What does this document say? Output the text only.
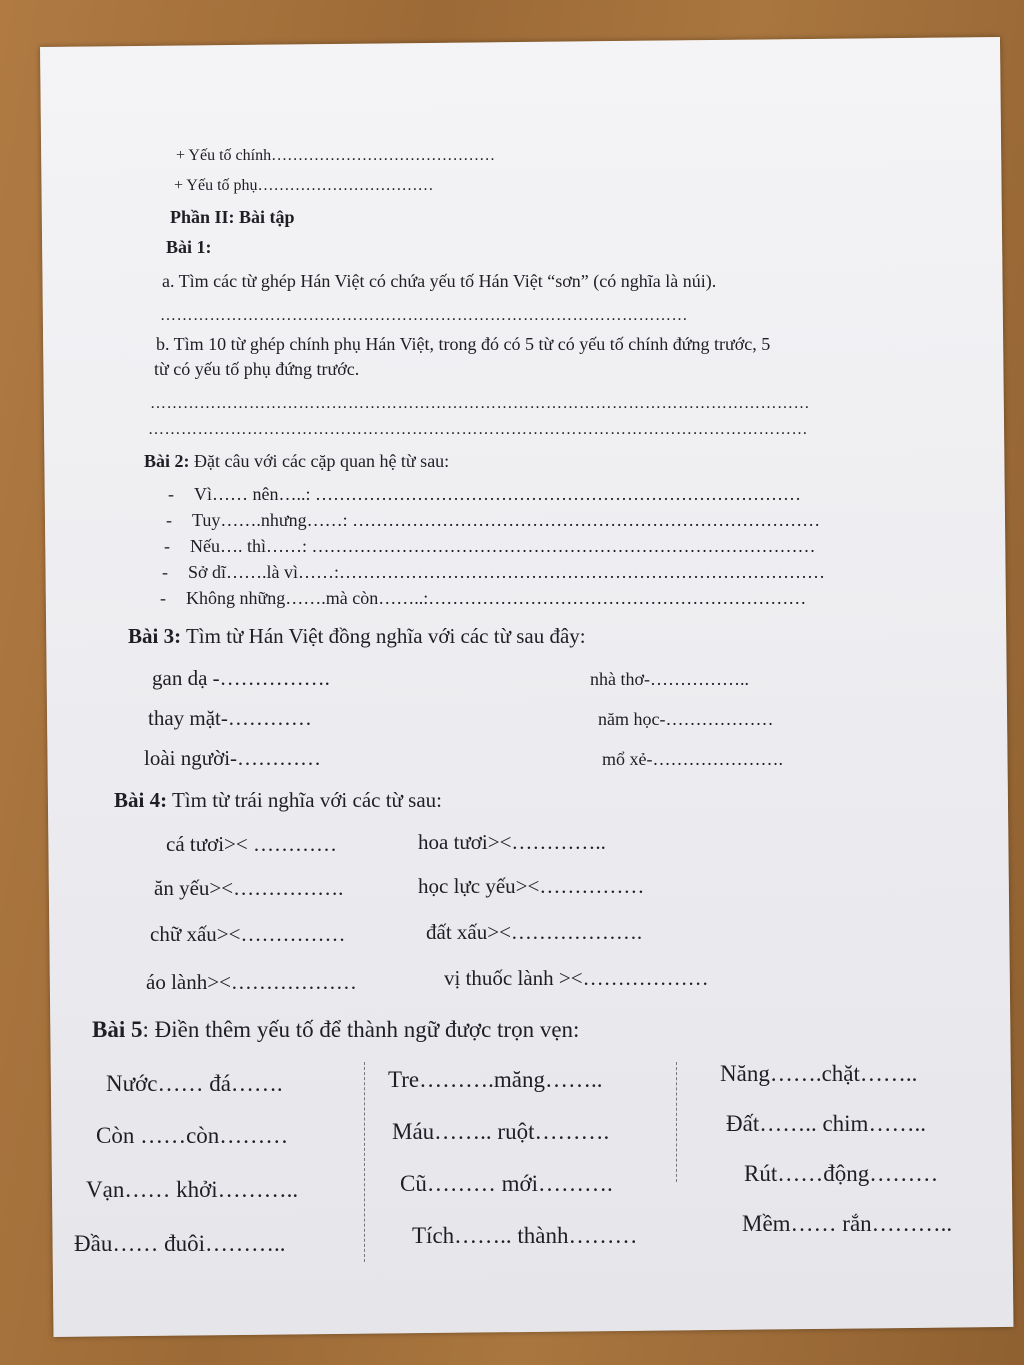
+ Yếu tố chính……………………………………
+ Yếu tố phụ……………………………
Phần II: Bài tập
Bài 1:
a. Tìm các từ ghép Hán Việt có chứa yếu tố Hán Việt “sơn” (có nghĩa là núi).
……………………………………………………………………………………
b. Tìm 10 từ ghép chính phụ Hán Việt, trong đó có 5 từ có yếu tố chính đứng trước, 5
từ có yếu tố phụ đứng trước.
…………………………………………………………………………………………………………
…………………………………………………………………………………………………………
Bài 2: Đặt câu với các cặp quan hệ từ sau:
- Vì…… nên…..: ………………………………………………………………………
- Tuy…….nhưng……: ……………………………………………………………………
- Nếu…. thì……: …………………………………………………………………………
- Sở dĩ…….là vì……:………………………………………………………………………
- Không những…….mà còn……..:………………………………………………………
Bài 3: Tìm từ Hán Việt đồng nghĩa với các từ sau đây:
gan dạ -…………….
thay mặt-…………
loài người-…………
nhà thơ-……………..
năm học-………………
mổ xẻ-………………….
Bài 4: Tìm từ trái nghĩa với các từ sau:
cá tươi>< …………
ăn yếu><…………….
chữ xấu><……………
áo lành><………………
hoa tươi><…………..
học lực yếu><……………
đất xấu><……………….
vị thuốc lành ><………………
Bài 5: Điền thêm yếu tố để thành ngữ được trọn vẹn:
Nước…… đá…….
Còn ……còn………
Vạn…… khởi………..
Đầu…… đuôi………..
Tre……….măng……..
Máu…….. ruột……….
Cũ……… mới……….
Tích…….. thành………
Năng…….chặt……..
Đất…….. chim……..
Rút……động………
Mềm…… rắn………..
